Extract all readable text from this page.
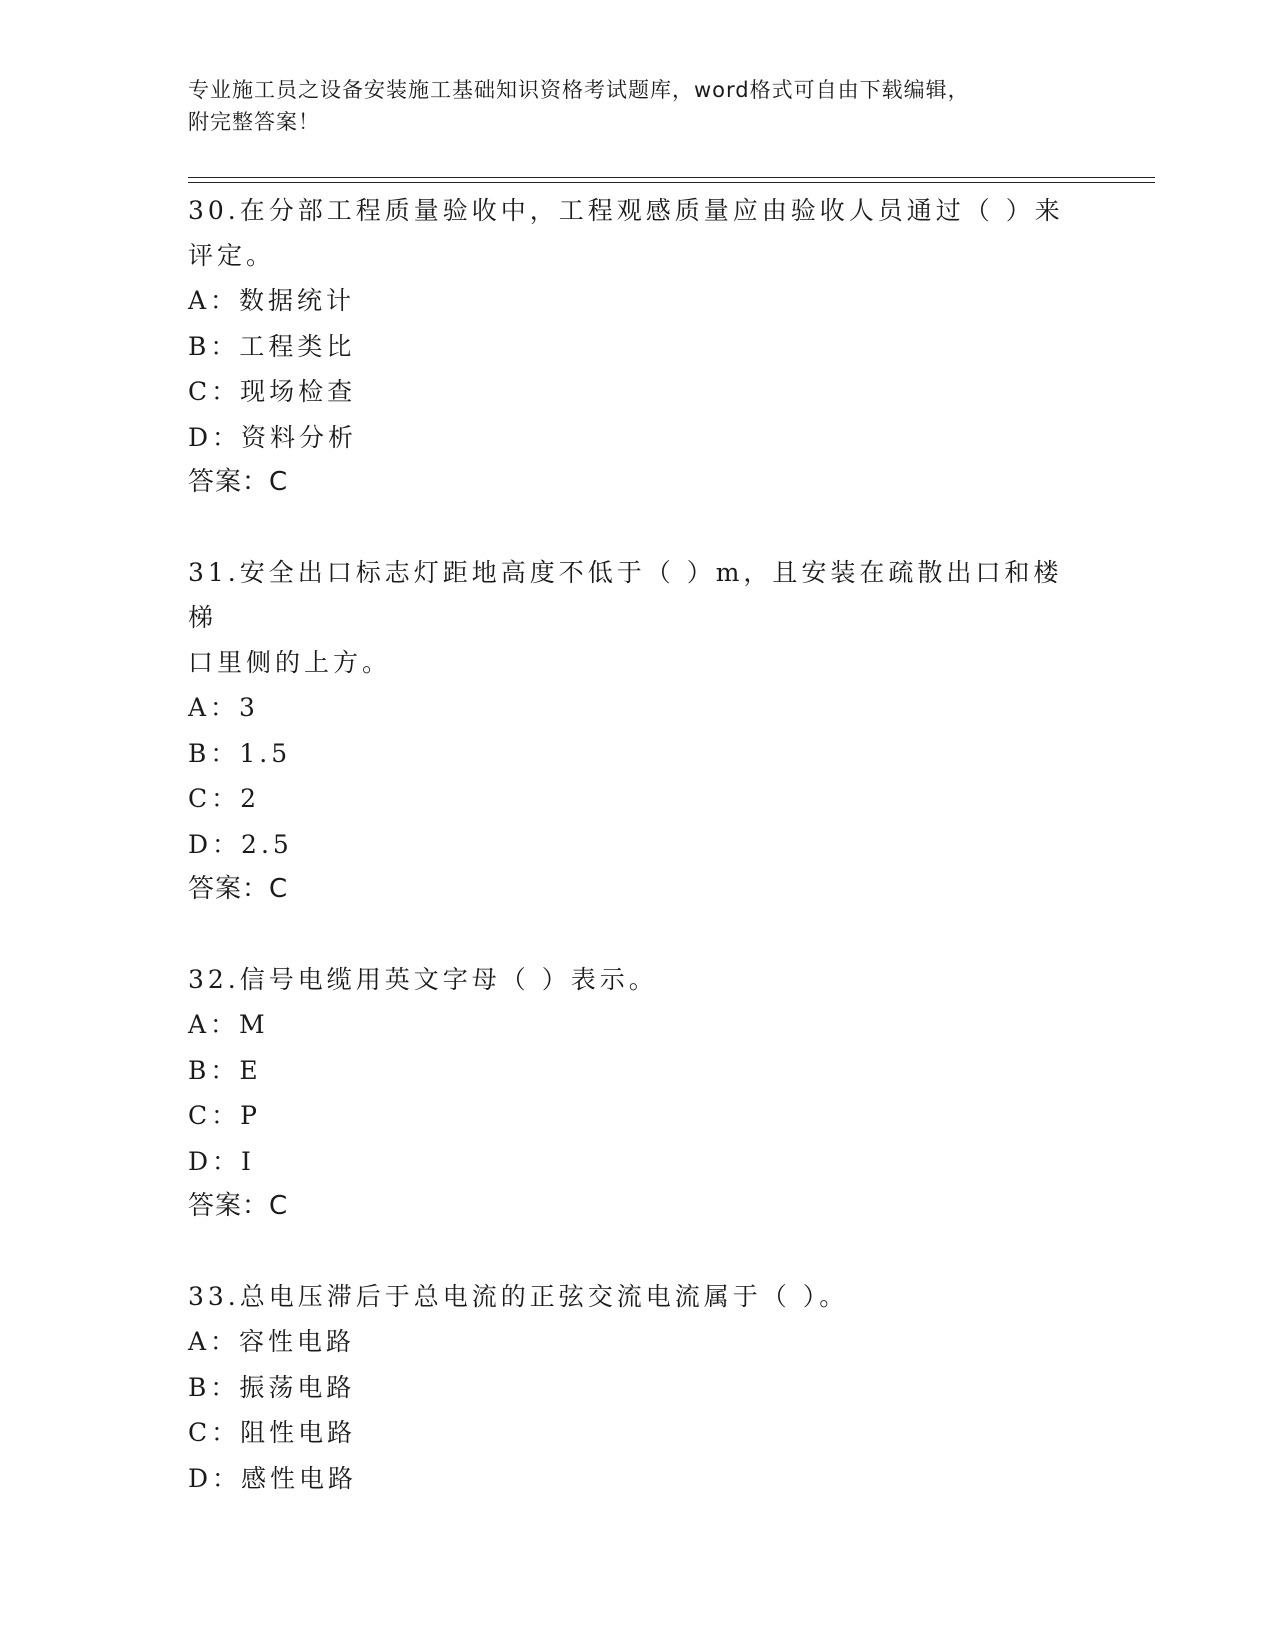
专业施工员之设备安装施工基础知识资格考试题库，word格式可自由下载编辑，
附完整答案！

30.在分部工程质量验收中，工程观感质量应由验收人员通过（ ）来

评定。

A：数据统计

B：工程类比

C：现场检查

D：资料分析

答案：C

31.安全出口标志灯距地高度不低于（ ）m，且安装在疏散出口和楼梯

口里侧的上方。

A：3

B：1.5

C：2

D：2.5

答案：C

32.信号电缆用英文字母（ ）表示。

A：M

B：E

C：P

D：I

答案：C

33.总电压滞后于总电流的正弦交流电流属于（ ）。

A：容性电路

B：振荡电路

C：阻性电路

D：感性电路
